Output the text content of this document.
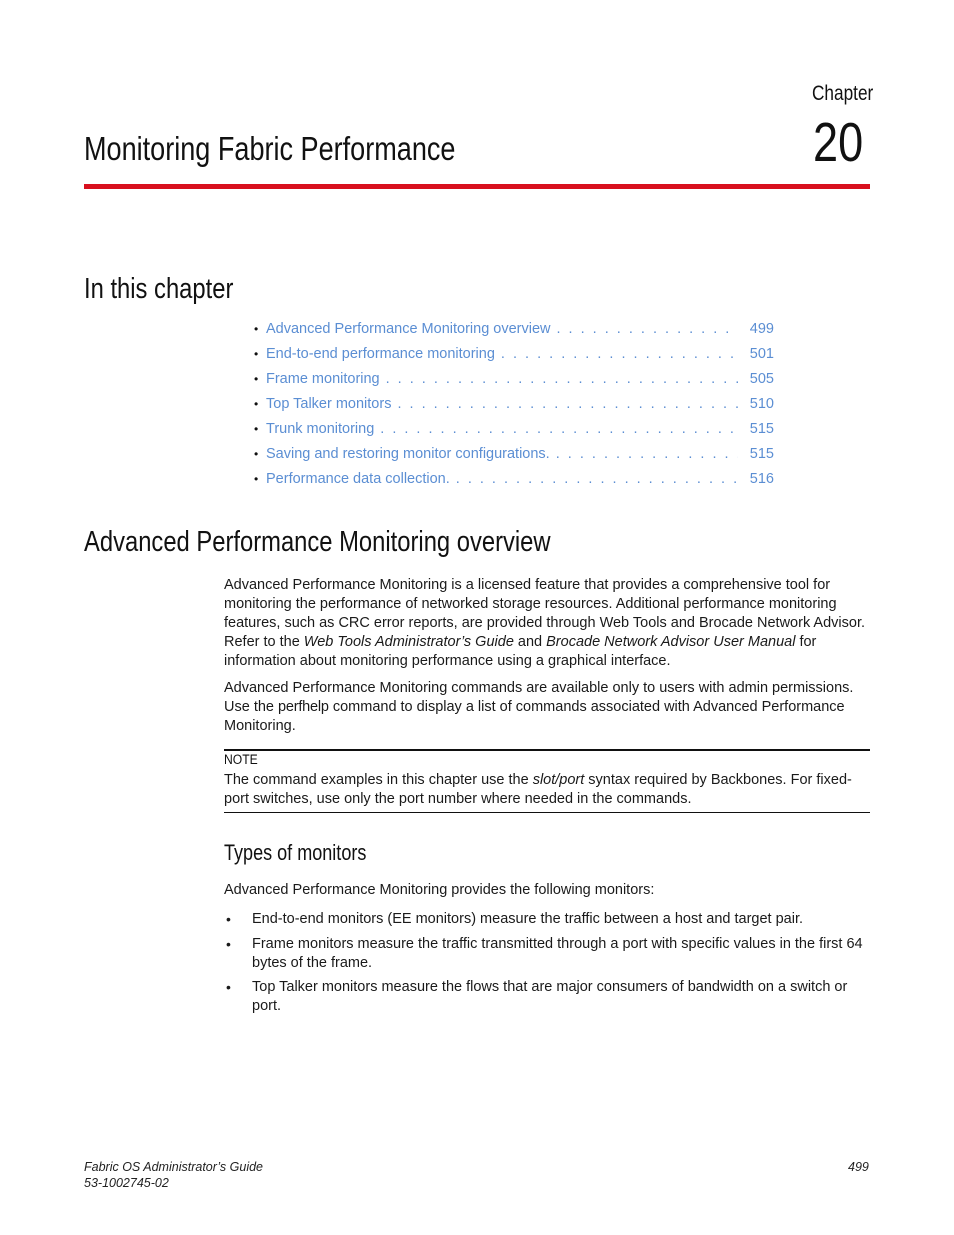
Chapter
20
Monitoring Fabric Performance
In this chapter
• Advanced Performance Monitoring overview . . .	499
• End-to-end performance monitoring . . .	501
• Frame monitoring . . .	505
• Top Talker monitors . . .	510
• Trunk monitoring . . .	515
• Saving and restoring monitor configurations. . . .	515
• Performance data collection. . . .	516
Advanced Performance Monitoring overview

Advanced Performance Monitoring is a licensed feature that provides a comprehensive tool for monitoring the performance of networked storage resources. Additional performance monitoring features, such as CRC error reports, are provided through Web Tools and Brocade Network Advisor. Refer to the Web Tools Administrator’s Guide and Brocade Network Advisor User Manual for information about monitoring performance using a graphical interface.

Advanced Performance Monitoring commands are available only to users with admin permissions. Use the perfhelp command to display a list of commands associated with Advanced Performance Monitoring.

NOTE

The command examples in this chapter use the slot/port syntax required by Backbones. For fixed-port switches, use only the port number where needed in the commands.

Types of monitors
Advanced Performance Monitoring provides the following monitors:
• End-to-end monitors (EE monitors) measure the traffic between a host and target pair.
• Frame monitors measure the traffic transmitted through a port with specific values in the first 64 bytes of the frame.
• Top Talker monitors measure the flows that are major consumers of bandwidth on a switch or port.
Fabric OS Administrator’s Guide
53-1002745-02
499
